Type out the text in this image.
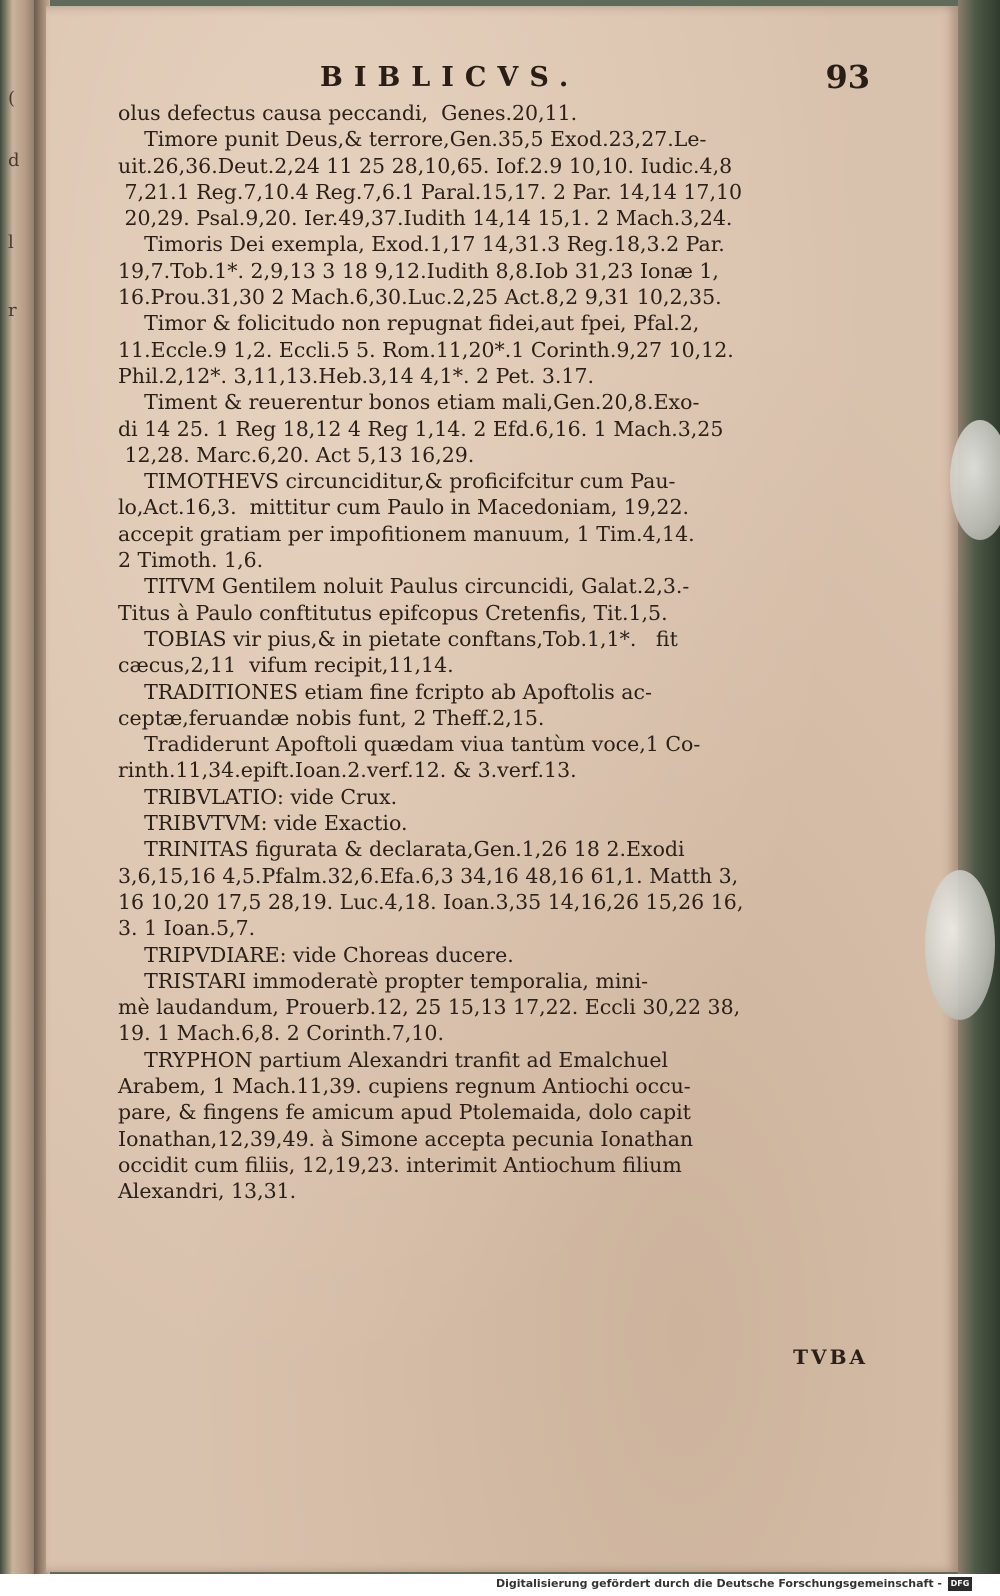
(
d
l
r
BIBLICVS.	93

olus defectus causa peccandi,  Genes.20,11.

Timore punit Deus,& terrore,Gen.35,5 Exod.23,27.Le-

uit.26,36.Deut.2,24 11 25 28,10,65. Iof.2.9 10,10. Iudic.4,8

7,21.1 Reg.7,10.4 Reg.7,6.1 Paral.15,17. 2 Par. 14,14 17,10

20,29. Psal.9,20. Ier.49,37.Iudith 14,14 15,1. 2 Mach.3,24.

Timoris Dei exempla, Exod.1,17 14,31.3 Reg.18,3.2 Par.

19,7.Tob.1*. 2,9,13 3 18 9,12.Iudith 8,8.Iob 31,23 Ionæ 1,

16.Prou.31,30 2 Mach.6,30.Luc.2,25 Act.8,2 9,31 10,2,35.

Timor & folicitudo non repugnat fidei,aut fpei, Pfal.2,

11.Eccle.9 1,2. Eccli.5 5. Rom.11,20*.1 Corinth.9,27 10,12.

Phil.2,12*. 3,11,13.Heb.3,14 4,1*. 2 Pet. 3.17.

Timent & reuerentur bonos etiam mali,Gen.20,8.Exo-

di 14 25. 1 Reg 18,12 4 Reg 1,14. 2 Efd.6,16. 1 Mach.3,25

12,28. Marc.6,20. Act 5,13 16,29.

TIMOTHEVS circunciditur,& proficifcitur cum Pau-

lo,Act.16,3.  mittitur cum Paulo in Macedoniam, 19,22.

accepit gratiam per impofitionem manuum, 1 Tim.4,14.

2 Timoth. 1,6.

TITVM Gentilem noluit Paulus circuncidi, Galat.2,3.-

Titus à Paulo conftitutus epifcopus Cretenfis, Tit.1,5.

TOBIAS vir pius,& in pietate conftans,Tob.1,1*.   fit

cæcus,2,11  vifum recipit,11,14.

TRADITIONES etiam fine fcripto ab Apoftolis ac-

ceptæ,feruandæ nobis funt, 2 Theff.2,15.

Tradiderunt Apoftoli quædam viua tantùm voce,1 Co-

rinth.11,34.epift.Ioan.2.verf.12. & 3.verf.13.

TRIBVLATIO: vide Crux.

TRIBVTVM: vide Exactio.

TRINITAS figurata & declarata,Gen.1,26 18 2.Exodi

3,6,15,16 4,5.Pfalm.32,6.Efa.6,3 34,16 48,16 61,1. Matth 3,

16 10,20 17,5 28,19. Luc.4,18. Ioan.3,35 14,16,26 15,26 16,

3. 1 Ioan.5,7.

TRIPVDIARE: vide Choreas ducere.

TRISTARI immoderatè propter temporalia, mini-

mè laudandum, Prouerb.12, 25 15,13 17,22. Eccli 30,22 38,

19. 1 Mach.6,8. 2 Corinth.7,10.

TRYPHON partium Alexandri tranfit ad Emalchuel

Arabem, 1 Mach.11,39. cupiens regnum Antiochi occu-

pare, & fingens fe amicum apud Ptolemaida, dolo capit

Ionathan,12,39,49. à Simone accepta pecunia Ionathan

occidit cum filiis, 12,19,23. interimit Antiochum filium

Alexandri, 13,31.

TVBA
Digitalisierung gefördert durch die Deutsche Forschungsgemeinschaft -	DFG
